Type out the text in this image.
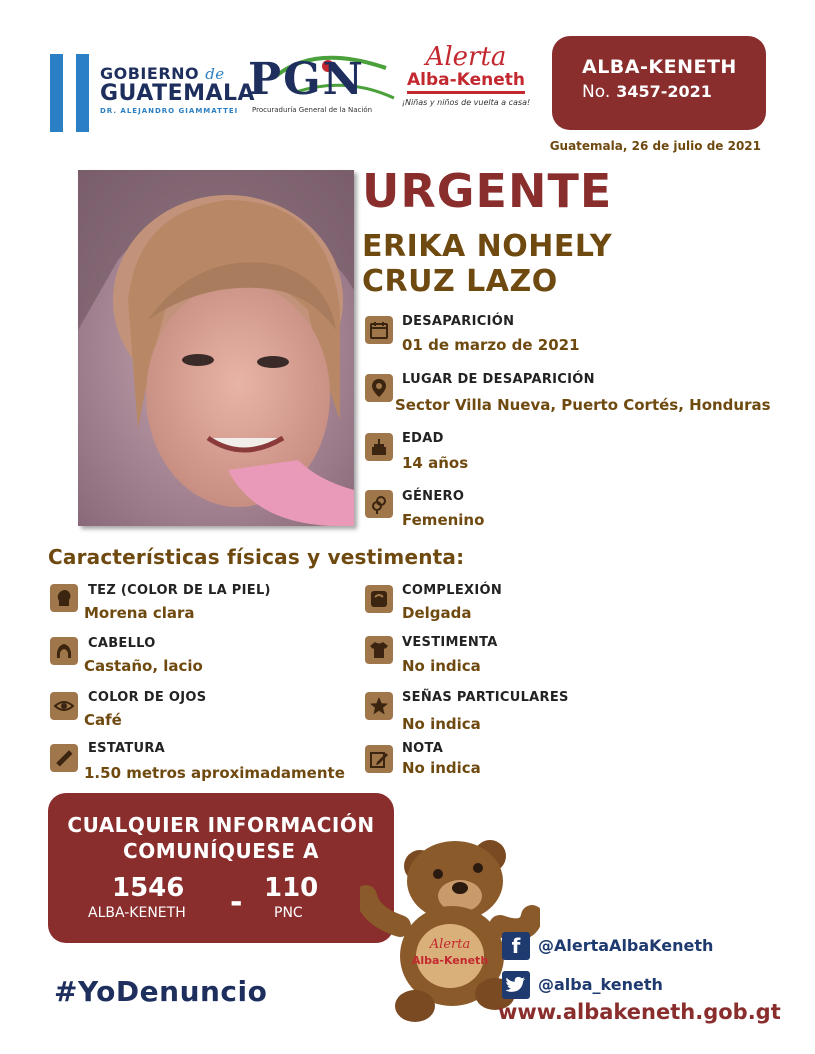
GOBIERNO de
GUATEMALA
DR. ALEJANDRO GIAMMATTEI
PGN
Procuraduría General de la Nación
Alerta
Alba-Keneth
¡Niñas y niños de vuelta a casa!
ALBA-KENETH
No. 3457-2021
Guatemala, 26 de julio de 2021
URGENTE
ERIKA NOHELY
CRUZ LAZO
DESAPARICIÓN
01 de marzo de 2021
LUGAR DE DESAPARICIÓN
Sector Villa Nueva, Puerto Cortés, Honduras
EDAD
14 años
GÉNERO
Femenino
Características físicas y vestimenta:
TEZ (COLOR DE LA PIEL)
Morena clara
CABELLO
Castaño, lacio
COLOR DE OJOS
Café
ESTATURA
1.50 metros aproximadamente
COMPLEXIÓN
Delgada
VESTIMENTA
No indica
SEÑAS PARTICULARES
No indica
NOTA
No indica
CUALQUIER INFORMACIÓN
COMUNÍQUESE A
1546
ALBA-KENETH - 110
PNC
Alerta
Alba-Keneth
#YoDenuncio
f	@AlertaAlbaKeneth
@alba_keneth
www.albakeneth.gob.gt
